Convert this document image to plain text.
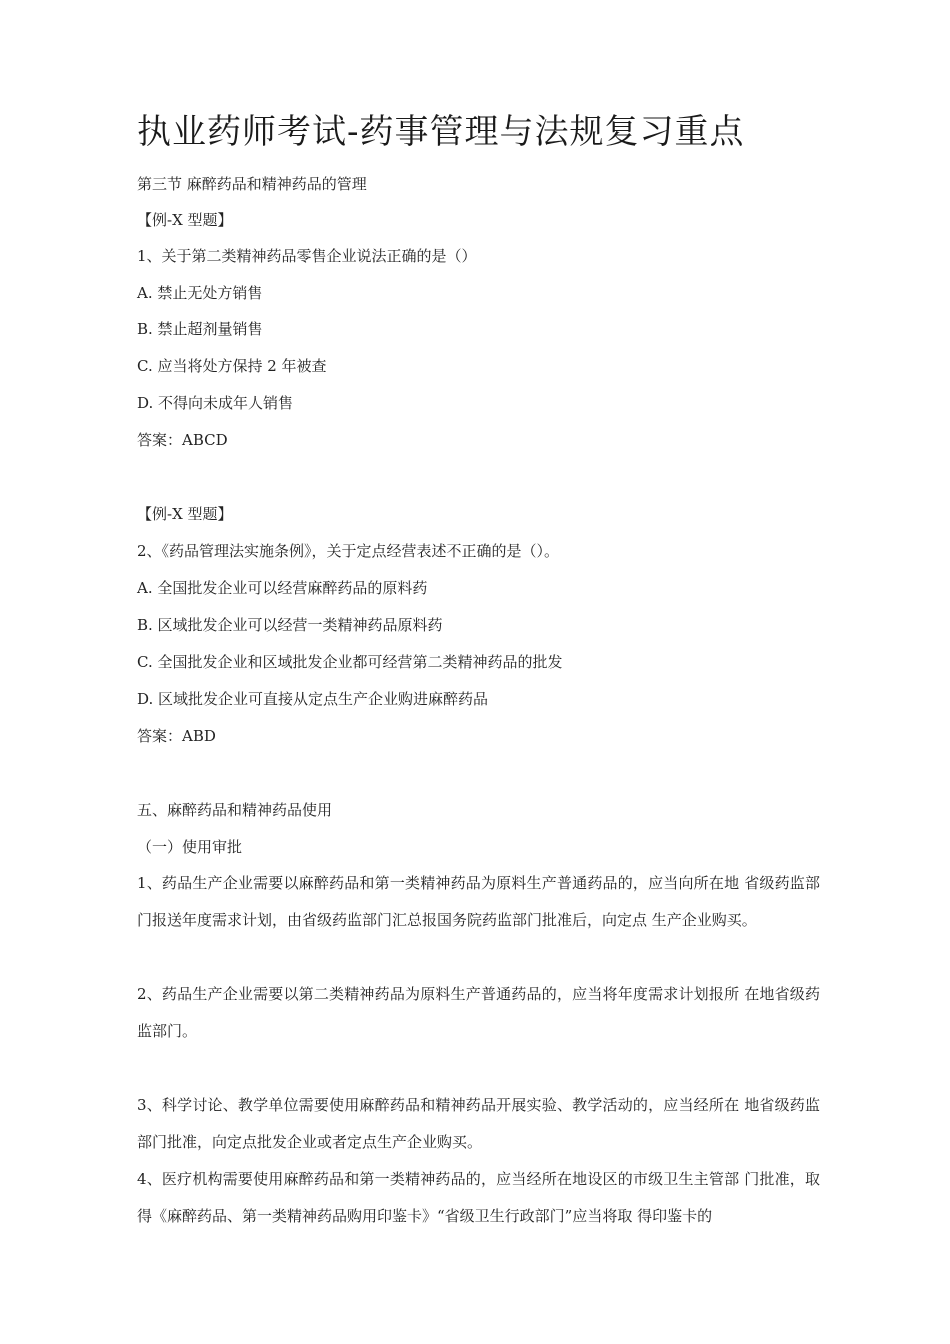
执业药师考试-药事管理与法规复习重点
第三节 麻醉药品和精神药品的管理
【例-X 型题】
1、关于第二类精神药品零售企业说法正确的是（）
A. 禁止无处方销售
B. 禁止超剂量销售
C. 应当将处方保持 2 年被查
D. 不得向未成年人销售
答案：ABCD
【例-X 型题】
2、《药品管理法实施条例》，关于定点经营表述不正确的是（）。
A. 全国批发企业可以经营麻醉药品的原料药
B. 区域批发企业可以经营一类精神药品原料药
C. 全国批发企业和区域批发企业都可经营第二类精神药品的批发
D. 区域批发企业可直接从定点生产企业购进麻醉药品
答案：ABD
五、麻醉药品和精神药品使用
（一）使用审批
1、药品生产企业需要以麻醉药品和第一类精神药品为原料生产普通药品的，应当向所在地 省级药监部门报送年度需求计划，由省级药监部门汇总报国务院药监部门批准后，向定点 生产企业购买。
2、药品生产企业需要以第二类精神药品为原料生产普通药品的，应当将年度需求计划报所 在地省级药监部门。
3、科学讨论、教学单位需要使用麻醉药品和精神药品开展实验、教学活动的，应当经所在 地省级药监部门批准，向定点批发企业或者定点生产企业购买。
4、医疗机构需要使用麻醉药品和第一类精神药品的，应当经所在地设区的市级卫生主管部 门批准，取得《麻醉药品、第一类精神药品购用印鉴卡》“省级卫生行政部门”应当将取 得印鉴卡的
